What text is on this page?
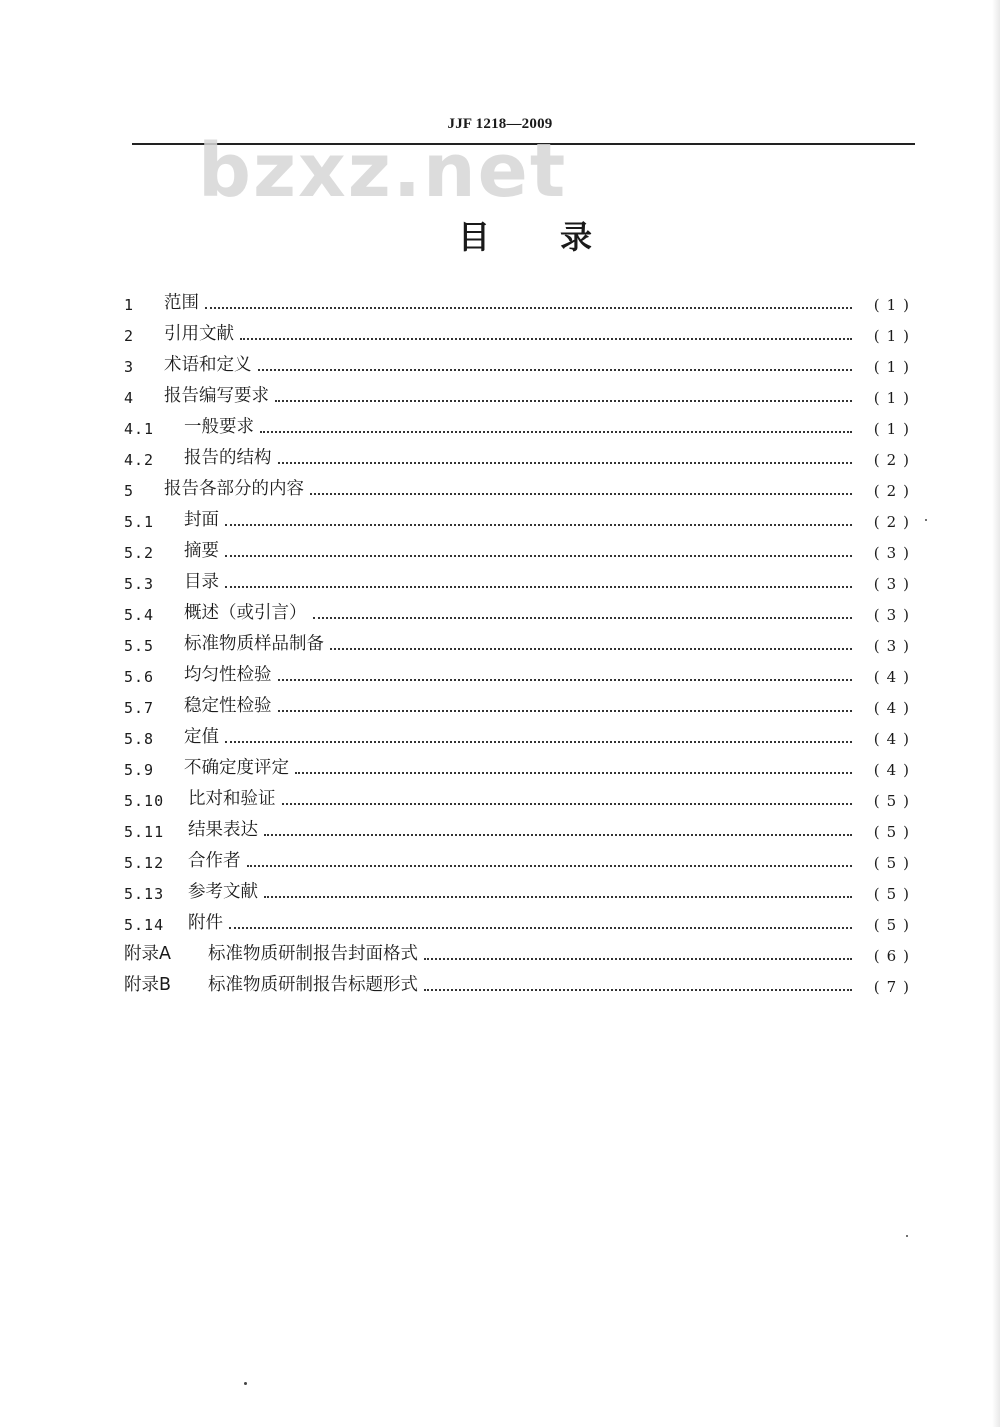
JJF 1218—2009
bzxz.net
目 录
1	范围	(1)
2	引用文献	(1)
3	术语和定义	(1)
4	报告编写要求	(1)
4.1	一般要求	(1)
4.2	报告的结构	(2)
5	报告各部分的内容	(2)
5.1	封面	(2)
5.2	摘要	(3)
5.3	目录	(3)
5.4	概述（或引言）	(3)
5.5	标准物质样品制备	(3)
5.6	均匀性检验	(4)
5.7	稳定性检验	(4)
5.8	定值	(4)
5.9	不确定度评定	(4)
5.10	比对和验证	(5)
5.11	结果表达	(5)
5.12	合作者	(5)
5.13	参考文献	(5)
5.14	附件	(5)
附录A	标准物质研制报告封面格式	(6)
附录B	标准物质研制报告标题形式	(7)
